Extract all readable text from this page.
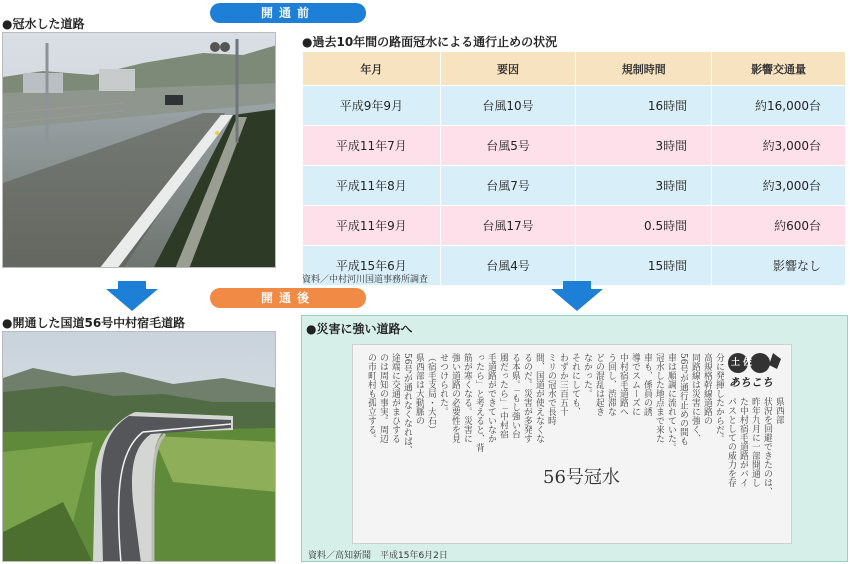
開通前
●冠水した道路
●過去10年間の路面冠水による通行止めの状況
年月	要因	規制時間	影響交通量
平成9年9月	台風10号	16時間	約16,000台
平成11年7月	台風5号	3時間	約3,000台
平成11年8月	台風7号	3時間	約3,000台
平成11年9月	台風17号	0.5時間	約600台
平成15年6月	台風4号	15時間	影響なし
資料／中村河川国道事務所調査
開通後
●開通した国道56号中村宿毛道路	●災害に強い道路へ
県西部
状況を回避できたのは、
昨年九月に一部開通し
た中村宿毛道路がバイ
パスとしての威力を存
分に発揮したからだ。
高規格幹線道路の
同路線は災害に強く、
56号が通行止めの間も
車は順調に流れていた。
冠水した地点まで来た
車も、係員の誘
導でスムーズに
中村宿毛道路へ
う回し、渋滞な
どの混乱は起き
なかった。
それにしても、
わずか三百五十
ミリの冠水で長時
間、国道が使えなくな
るのだ。災害が多発す
る本県。「もし強い台
風だったら」「中村宿
毛道路ができていなか
ったら」と考えると、背
筋が寒くなる。災害に
強い道路の必要性を見
せつけられた。
（宿毛支局・大石）
県西部は大動脈の
56号が通れなくなれば、
途端に交通がまひする
のは周知の事実。周辺
の市町村も孤立する。
56号冠水
土佐
あちこち
資料／高知新聞　平成15年6月2日
